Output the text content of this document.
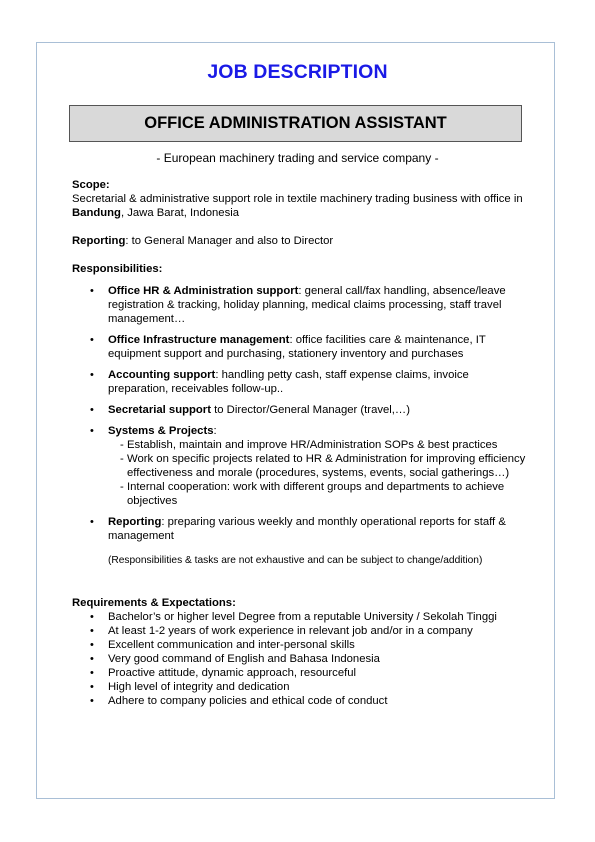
JOB DESCRIPTION
OFFICE ADMINISTRATION ASSISTANT
- European machinery trading and service company -
Scope:

Secretarial & administrative support role in textile machinery trading business with office in Bandung, Jawa Barat, Indonesia

Reporting: to General Manager and also to Director

Responsibilities:
• Office HR & Administration support: general call/fax handling, absence/leave registration & tracking, holiday planning, medical claims processing, staff travel management…
• Office Infrastructure management: office facilities care & maintenance, IT equipment support and purchasing, stationery inventory and purchases
• Accounting support: handling petty cash, staff expense claims, invoice preparation, receivables follow-up..
• Secretarial support to Director/General Manager (travel,…)
• Systems & Projects:
- Establish, maintain and improve HR/Administration SOPs & best practices
- Work on specific projects related to HR & Administration for improving efficiency effectiveness and morale (procedures, systems, events, social gatherings…)
- Internal cooperation: work with different groups and departments to achieve objectives
• Reporting: preparing various weekly and monthly operational reports for staff & management
(Responsibilities & tasks are not exhaustive and can be subject to change/addition)
Requirements & Expectations:
• Bachelor’s or higher level Degree from a reputable University / Sekolah Tinggi
• At least 1-2 years of work experience in relevant job and/or in a company
• Excellent communication and inter-personal skills
• Very good command of English and Bahasa Indonesia
• Proactive attitude, dynamic approach, resourceful
• High level of integrity and dedication
• Adhere to company policies and ethical code of conduct
